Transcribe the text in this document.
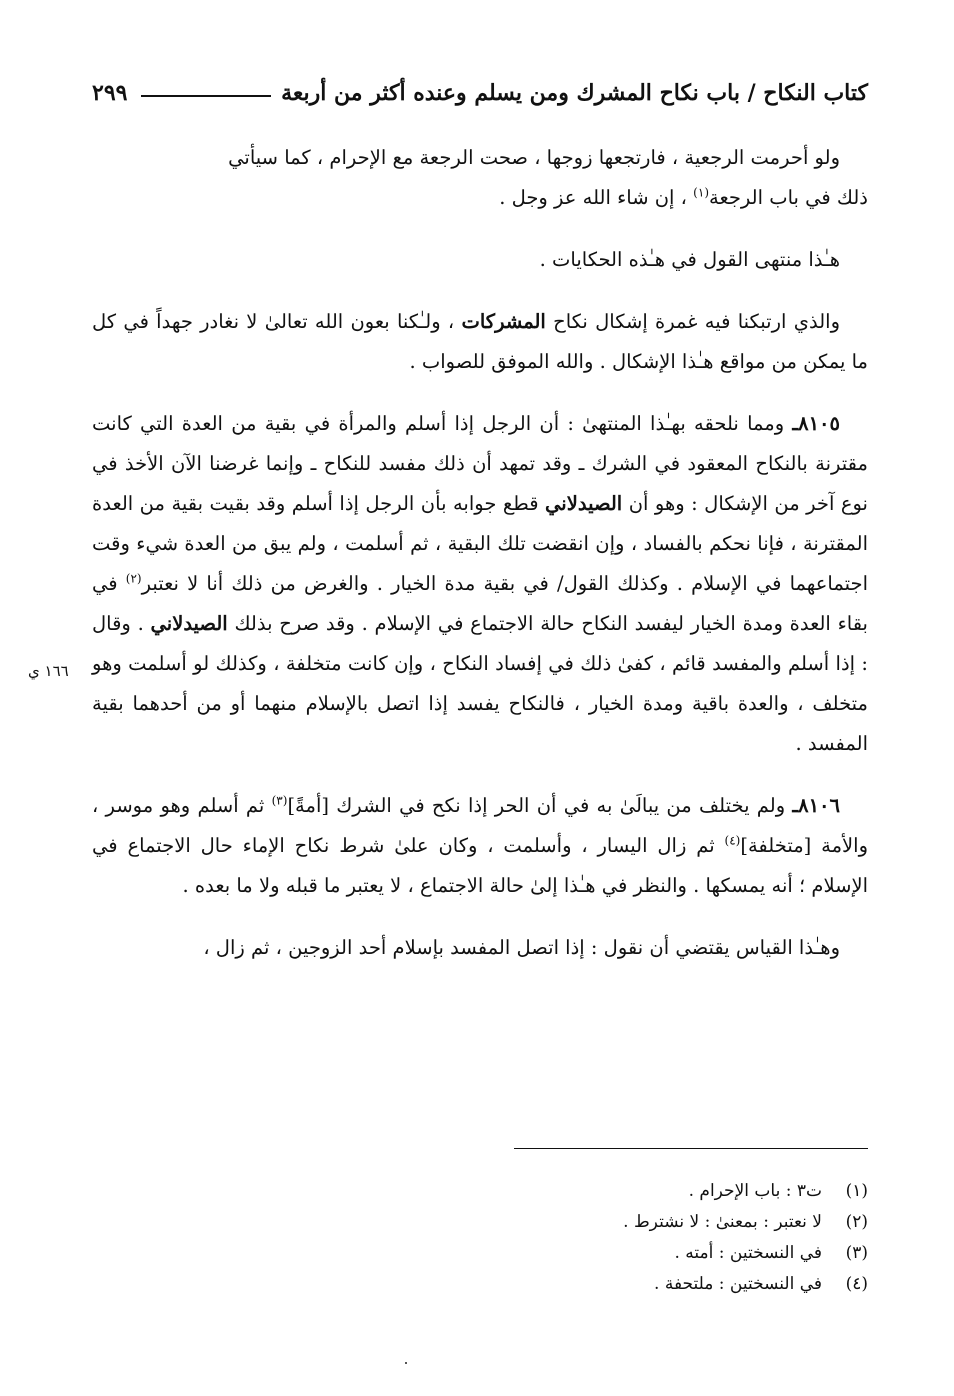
كتاب النكاح / باب نكاح المشرك ومن يسلم وعنده أكثر من أربعة
٢٩٩

ولو أحرمت الرجعية ، فارتجعها زوجها ، صحت الرجعة مع الإحرام ، كما سيأتي
ذلك في باب الرجعة$^{(١)}$ ، إن شاء الله عز وجل .

هـٰذا منتهى القول في هـٰذه الحكايات .

والذي ارتبكنا فيه غمرة إشكال نكاح المشركات ، ولـٰكنا بعون الله تعالىٰ لا نغادر جهداً في كل ما يمكن من مواقع هـٰذا الإشكال . والله الموفق للصواب .

٨١٠٥ـ ومما نلحقه بهـٰذا المنتهىٰ : أن الرجل إذا أسلم والمرأة في بقية من العدة التي كانت مقترنة بالنكاح المعقود في الشرك ـ وقد تمهد أن ذلك مفسد للنكاح ـ وإنما غرضنا الآن الأخذ في نوع آخر من الإشكال : وهو أن الصيدلاني قطع جوابه بأن الرجل إذا أسلم وقد بقيت بقية من العدة المقترنة ، فإنا نحكم بالفساد ، وإن انقضت تلك البقية ، ثم أسلمت ، ولم يبق من العدة شيء وقت اجتماعهما في الإسلام . وكذلك القول/ في بقية مدة الخيار . والغرض من ذلك أنا لا نعتبر$^{(٢)}$ في بقاء العدة ومدة الخيار ليفسد النكاح حالة الاجتماع في الإسلام . وقد صرح بذلك الصيدلاني . وقال : إذا أسلم والمفسد قائم ، كفىٰ ذلك في إفساد النكاح ، وإن كانت متخلفة ، وكذلك لو أسلمت وهو متخلف ، والعدة باقية ومدة الخيار ، فالنكاح يفسد إذا اتصل بالإسلام منهما أو من أحدهما بقية المفسد .

٨١٠٦ـ ولم يختلف من يبالَىٰ به في أن الحر إذا نكح في الشرك [أمةً]$^{(٣)}$ ثم أسلم وهو موسر ، والأمة [متخلفة]$^{(٤)}$ ثم زال اليسار ، وأسلمت ، وكان علىٰ شرط نكاح الإماء حال الاجتماع في الإسلام ؛ أنه يمسكها . والنظر في هـٰذا إلىٰ حالة الاجتماع ، لا يعتبر ما قبله ولا ما بعده .

وهـٰذا القياس يقتضي أن نقول : إذا اتصل المفسد بإسلام أحد الزوجين ، ثم زال ،

١٦٦ ي
(١)
ت٣ : باب الإحرام .
(٢)
لا نعتبر : بمعنىٰ : لا نشترط .
(٣)
في النسختين : أمته .
(٤)
في النسختين : ملتحفة .
